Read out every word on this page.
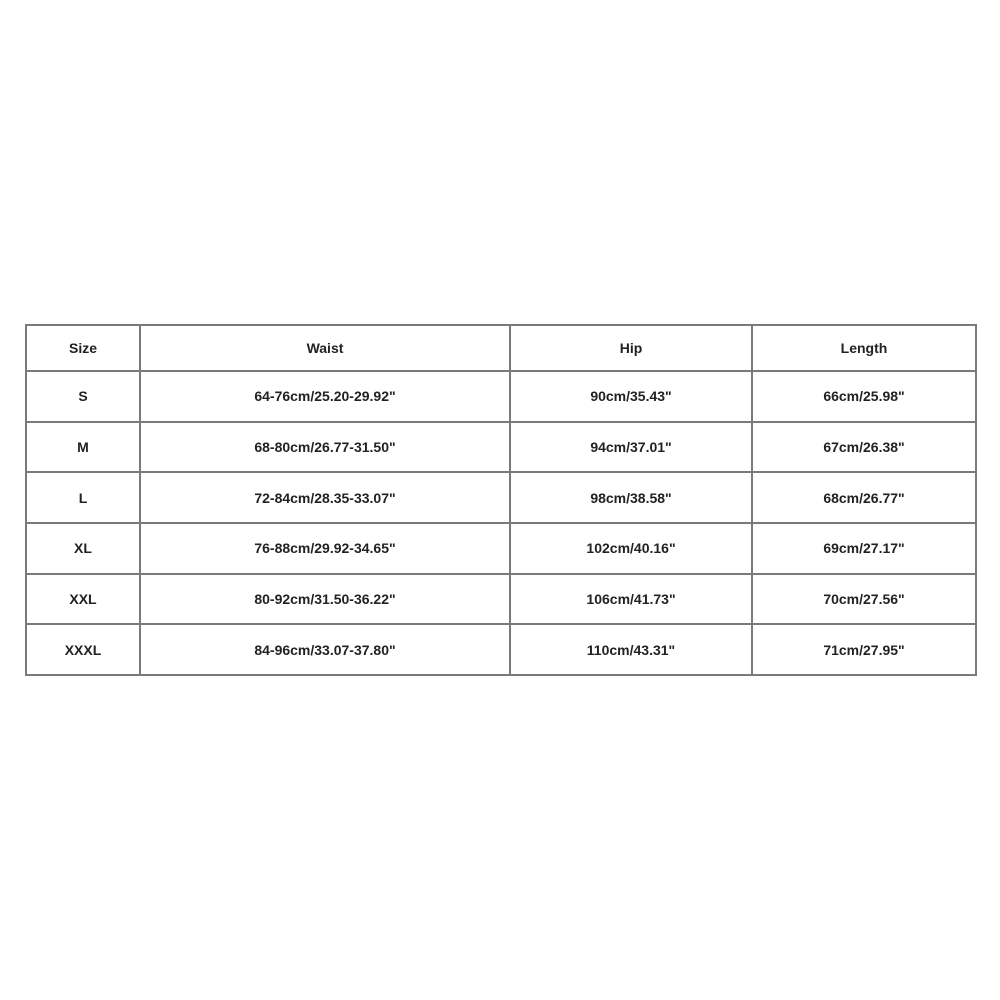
Size	Waist	Hip	Length
S	64-76cm/25.20-29.92"	90cm/35.43"	66cm/25.98"
M	68-80cm/26.77-31.50"	94cm/37.01"	67cm/26.38"
L	72-84cm/28.35-33.07"	98cm/38.58"	68cm/26.77"
XL	76-88cm/29.92-34.65"	102cm/40.16"	69cm/27.17"
XXL	80-92cm/31.50-36.22"	106cm/41.73"	70cm/27.56"
XXXL	84-96cm/33.07-37.80"	110cm/43.31"	71cm/27.95"
